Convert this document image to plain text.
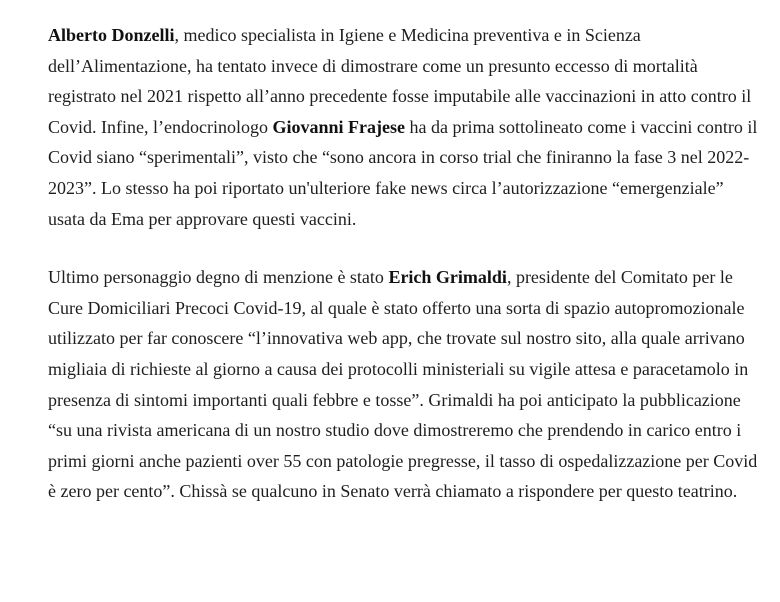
Alberto Donzelli, medico specialista in Igiene e Medicina preventiva e in Scienza dell’Alimentazione, ha tentato invece di dimostrare come un presunto eccesso di mortalità registrato nel 2021 rispetto all’anno precedente fosse imputabile alle vaccinazioni in atto contro il Covid. Infine, l’endocrinologo Giovanni Frajese ha da prima sottolineato come i vaccini contro il Covid siano “sperimentali”, visto che “sono ancora in corso trial che finiranno la fase 3 nel 2022-2023”. Lo stesso ha poi riportato un'ulteriore fake news circa l’autorizzazione “emergenziale” usata da Ema per approvare questi vaccini.

Ultimo personaggio degno di menzione è stato Erich Grimaldi, presidente del Comitato per le Cure Domiciliari Precoci Covid-19, al quale è stato offerto una sorta di spazio autopromozionale utilizzato per far conoscere “l’innovativa web app, che trovate sul nostro sito, alla quale arrivano migliaia di richieste al giorno a causa dei protocolli ministeriali su vigile attesa e paracetamolo in presenza di sintomi importanti quali febbre e tosse”. Grimaldi ha poi anticipato la pubblicazione “su una rivista americana di un nostro studio dove dimostreremo che prendendo in carico entro i primi giorni anche pazienti over 55 con patologie pregresse, il tasso di ospedalizzazione per Covid è zero per cento”. Chissà se qualcuno in Senato verrà chiamato a rispondere per questo teatrino.
